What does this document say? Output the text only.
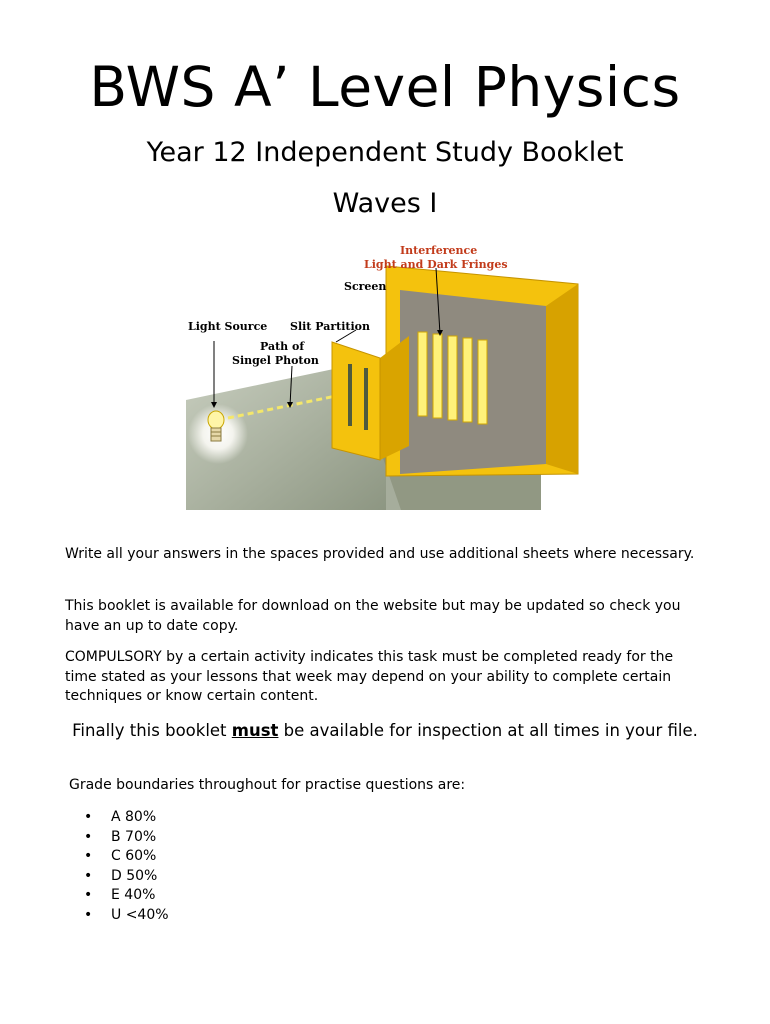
BWS A’ Level Physics
Year 12 Independent Study Booklet
Waves I
Interference
Light and Dark Fringes
Screen
Slit Partition
Light Source
Path of
Singel Photon
Write all your answers in the spaces provided and use additional sheets where necessary.
This booklet is available for download on the website but may be updated so check you have an up to date copy.
COMPULSORY by a certain activity indicates this task must be completed ready for the time stated as your lessons that week may depend on your ability to complete certain techniques or know certain content.
Finally this booklet must be available for inspection at all times in your file.
Grade boundaries throughout for practise questions are:
• A 80%
• B 70%
• C 60%
• D 50%
• E 40%
• U <40%
